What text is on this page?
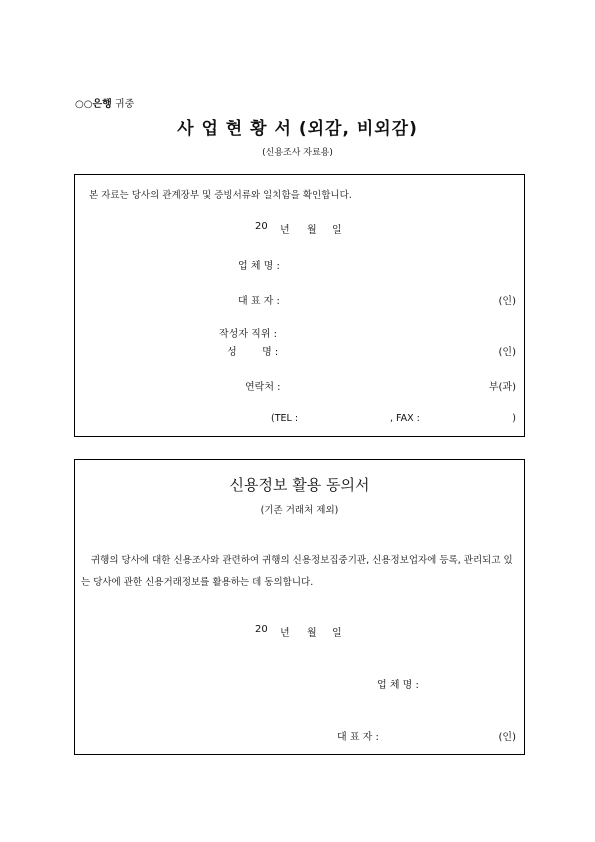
○○은행 귀중
사 업 현 황 서 (외감, 비외감)
(신용조사 자료용)
본 자료는 당사의 관계장부 및 증빙서류와 일치함을 확인합니다.
20 년 월 일
업 체 명 :
대 표 자 :	(인)
작성자 직위 :
성        명 :	(인)
연락처 :	부(과)
(TEL :	, FAX :	)
신용정보 활용 동의서
(기존 거래처 제외)
귀행의 당사에 대한 신용조사와 관련하여 귀행의 신용정보집중기관, 신용정보업자에 등록, 관리되고 있는 당사에 관한 신용거래정보를 활용하는 데 동의합니다.
20 년 월 일
업 체 명 :
대 표 자 :	(인)
